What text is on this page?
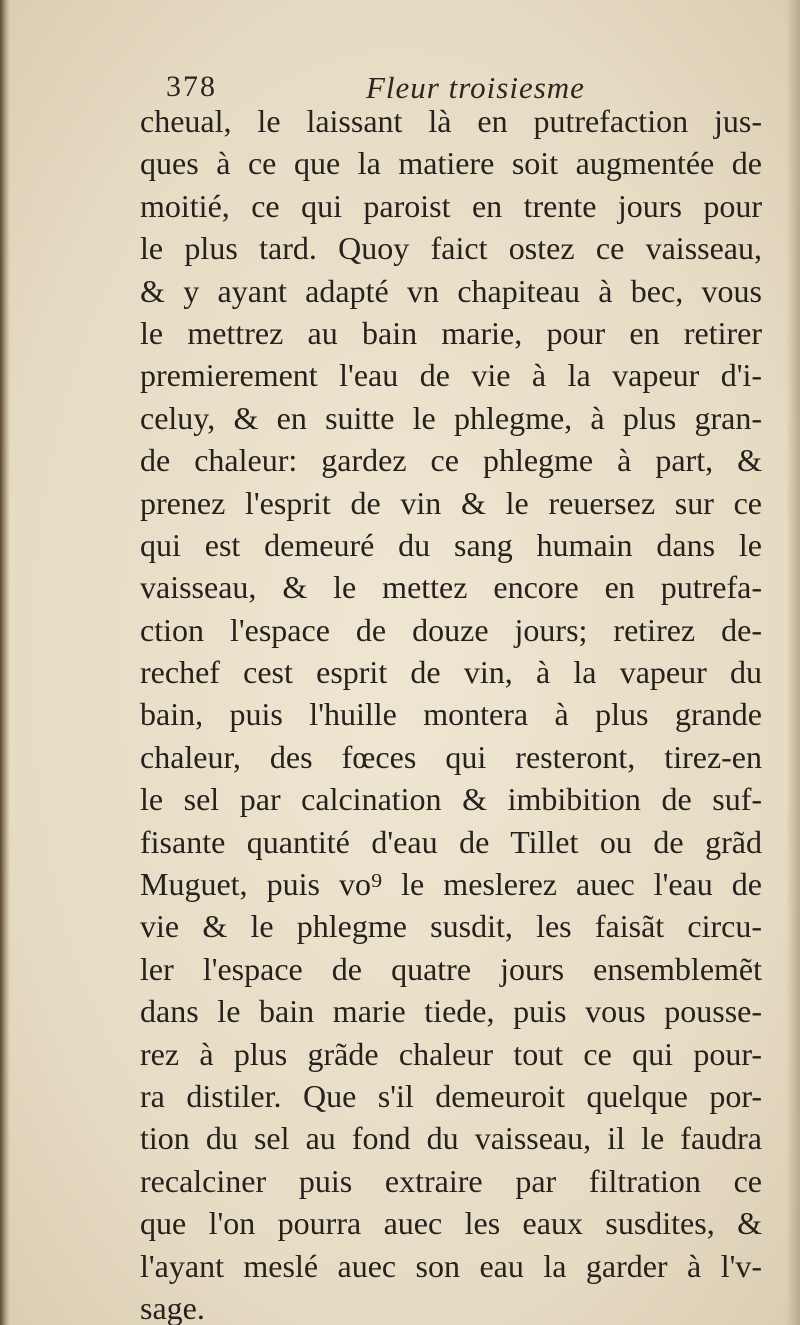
378	Fleur troisiesme
cheual, le laissant là en putrefaction jus-
ques à ce que la matiere soit augmentée de
moitié, ce qui paroist en trente jours pour
le plus tard. Quoy faict ostez ce vaisseau,
& y ayant adapté vn chapiteau à bec, vous
le mettrez au bain marie, pour en retirer
premierement l'eau de vie à la vapeur d'i-
celuy, & en suitte le phlegme, à plus gran-
de chaleur: gardez ce phlegme à part, &
prenez l'esprit de vin & le reuersez sur ce
qui est demeuré du sang humain dans le
vaisseau, & le mettez encore en putrefa-
ction l'espace de douze jours; retirez de-
rechef cest esprit de vin, à la vapeur du
bain, puis l'huille montera à plus grande
chaleur, des fœces qui resteront, tirez-en
le sel par calcination & imbibition de suf-
fisante quantité d'eau de Tillet ou de grãd
Muguet, puis vo⁹ le meslerez auec l'eau de
vie & le phlegme susdit, les faisãt circu-
ler l'espace de quatre jours ensemblemẽt
dans le bain marie tiede, puis vous pousse-
rez à plus grãde chaleur tout ce qui pour-
ra distiler. Que s'il demeuroit quelque por-
tion du sel au fond du vaisseau, il le faudra
recalciner puis extraire par filtration ce
que l'on pourra auec les eaux susdites, &
l'ayant meslé auec son eau la garder à l'v-
sage.
